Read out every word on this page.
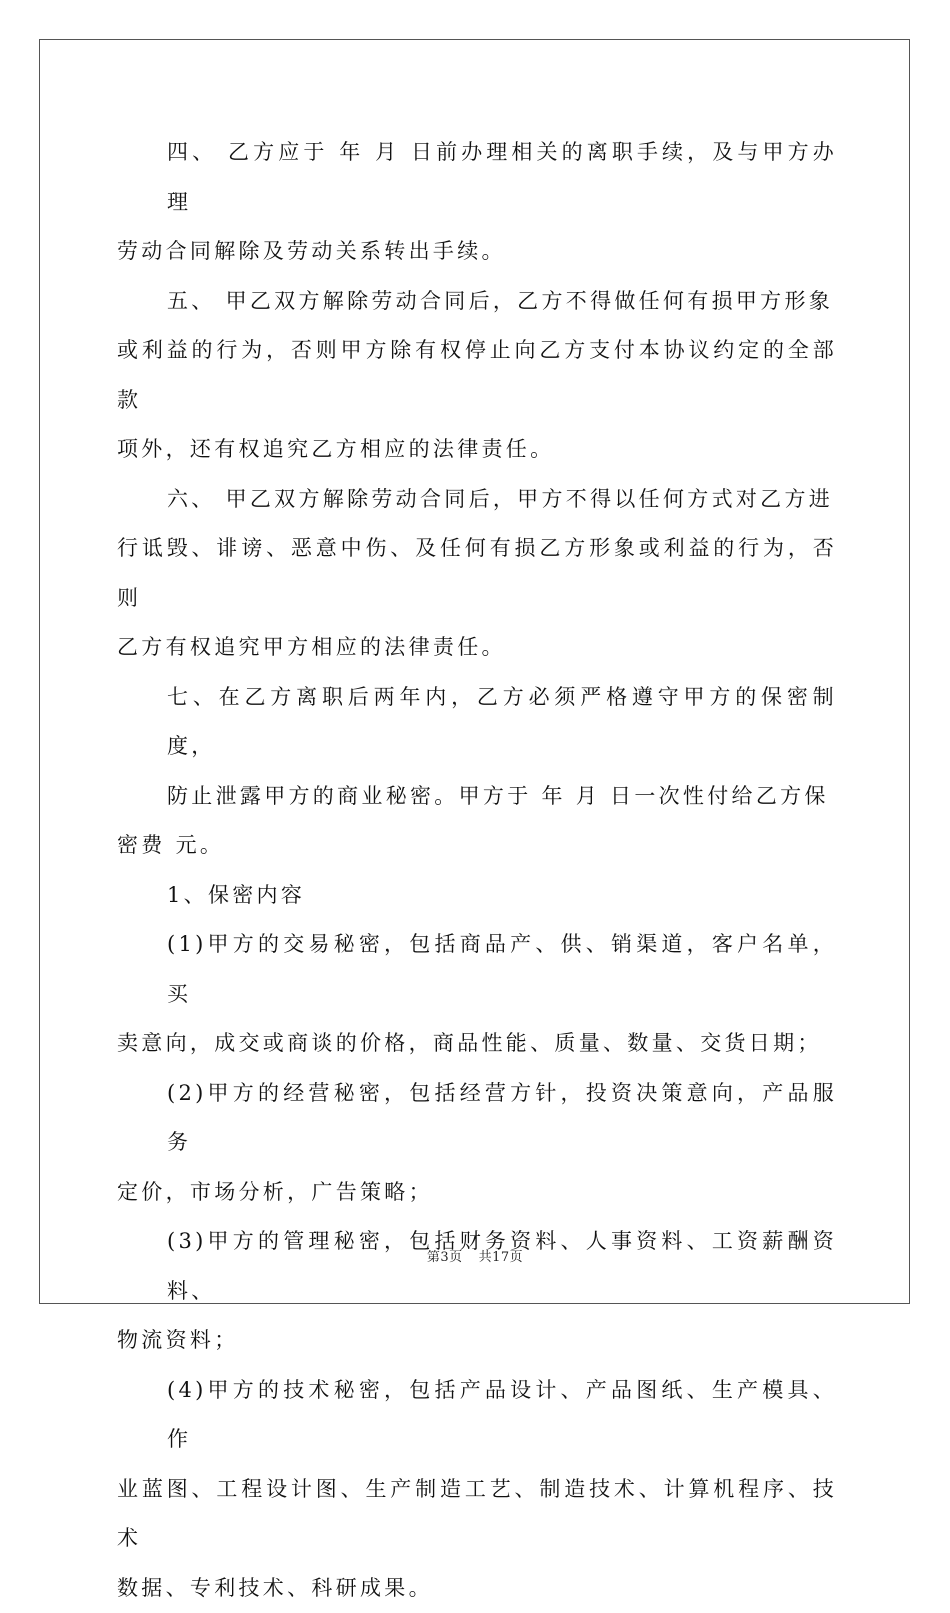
四、 乙方应于 年 月 日前办理相关的离职手续，及与甲方办理
劳动合同解除及劳动关系转出手续。
五、 甲乙双方解除劳动合同后，乙方不得做任何有损甲方形象
或利益的行为，否则甲方除有权停止向乙方支付本协议约定的全部款
项外，还有权追究乙方相应的法律责任。
六、 甲乙双方解除劳动合同后，甲方不得以任何方式对乙方进
行诋毁、诽谤、恶意中伤、及任何有损乙方形象或利益的行为，否则
乙方有权追究甲方相应的法律责任。
七、在乙方离职后两年内，乙方必须严格遵守甲方的保密制度，
防止泄露甲方的商业秘密。甲方于 年 月 日一次性付给乙方保
密费 元。
1、保密内容
(1)甲方的交易秘密，包括商品产、供、销渠道，客户名单，买
卖意向，成交或商谈的价格，商品性能、质量、数量、交货日期；
(2)甲方的经营秘密，包括经营方针，投资决策意向，产品服务
定价，市场分析，广告策略；
(3)甲方的管理秘密，包括财务资料、人事资料、工资薪酬资料、
物流资料；
(4)甲方的技术秘密，包括产品设计、产品图纸、生产模具、作
业蓝图、工程设计图、生产制造工艺、制造技术、计算机程序、技术
数据、专利技术、科研成果。
第3页 共17页
